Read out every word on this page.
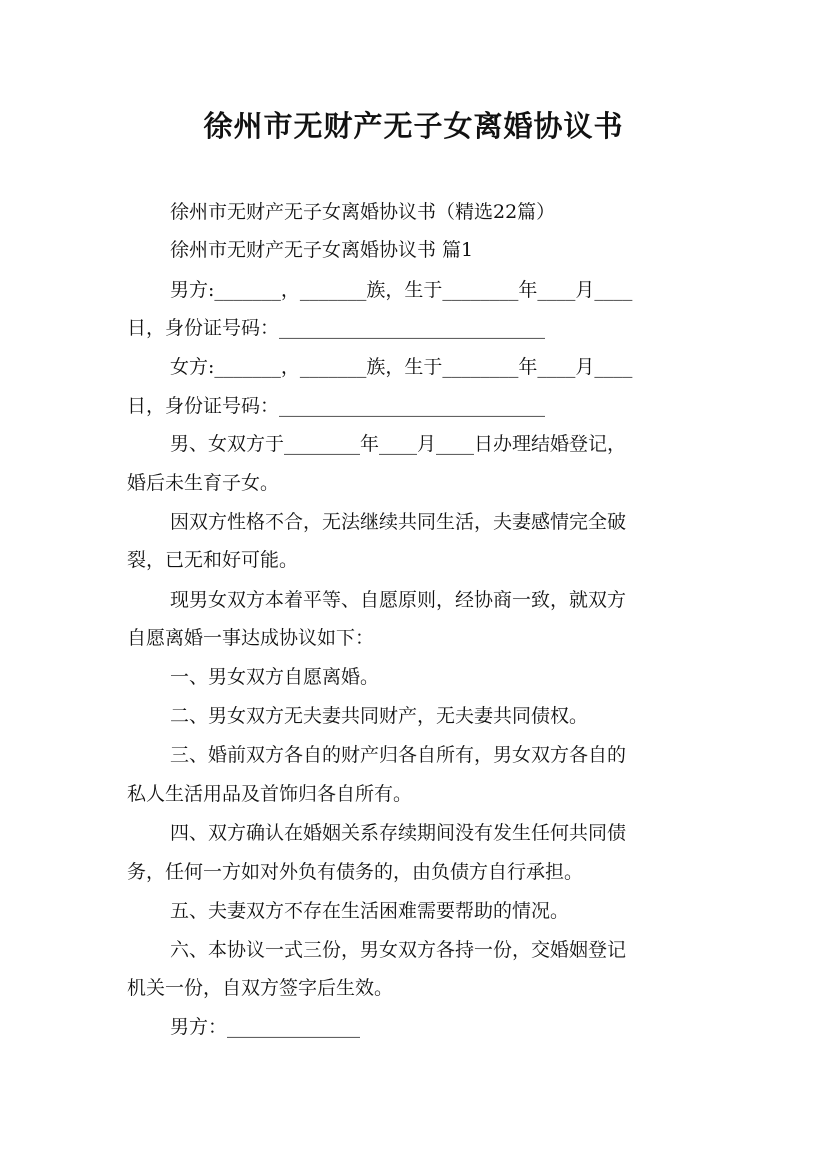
徐州市无财产无子女离婚协议书
徐州市无财产无子女离婚协议书（精选22篇）
徐州市无财产无子女离婚协议书 篇1
男方:_______，_______族，生于________年____月____
日，身份证号码：____________________________
女方:_______，_______族，生于________年____月____
日，身份证号码：____________________________
男、女双方于________年____月____日办理结婚登记，
婚后未生育子女。
因双方性格不合，无法继续共同生活，夫妻感情完全破
裂，已无和好可能。
现男女双方本着平等、自愿原则，经协商一致，就双方
自愿离婚一事达成协议如下：
一、男女双方自愿离婚。
二、男女双方无夫妻共同财产，无夫妻共同债权。
三、婚前双方各自的财产归各自所有，男女双方各自的
私人生活用品及首饰归各自所有。
四、双方确认在婚姻关系存续期间没有发生任何共同债
务，任何一方如对外负有债务的，由负债方自行承担。
五、夫妻双方不存在生活困难需要帮助的情况。
六、本协议一式三份，男女双方各持一份，交婚姻登记
机关一份，自双方签字后生效。
男方：______________
